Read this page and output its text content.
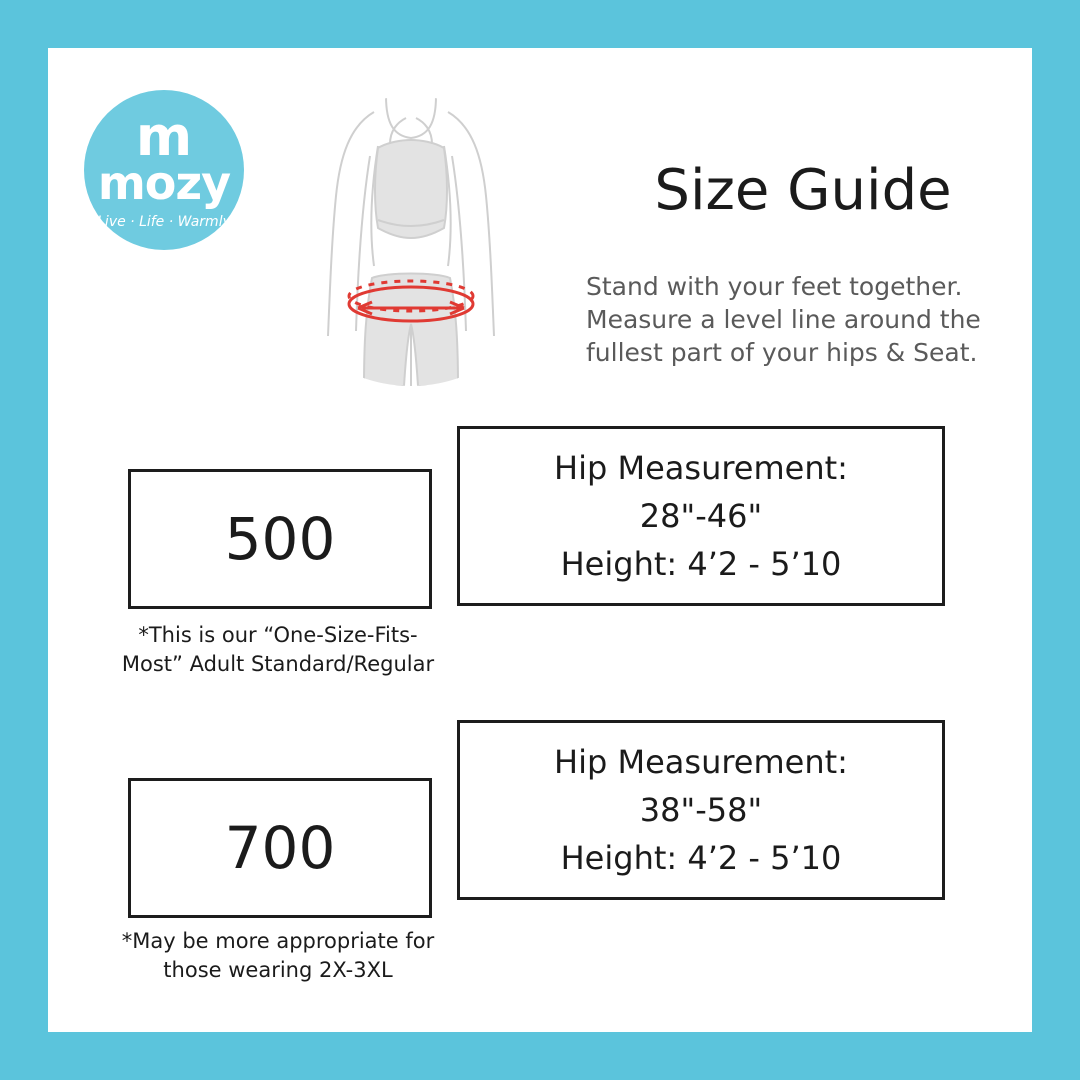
m
mozy
Live · Life · Warmly	Size Guide
Stand with your feet together.
Measure a level line around the
fullest part of your hips & Seat.
500
*This is our “One-Size-Fits-Most” Adult Standard/Regular
Hip Measurement:
28"-46"
Height: 4’2 - 5’10
700
*May be more appropriate for those wearing 2X-3XL
Hip Measurement:
38"-58"
Height: 4’2 - 5’10
